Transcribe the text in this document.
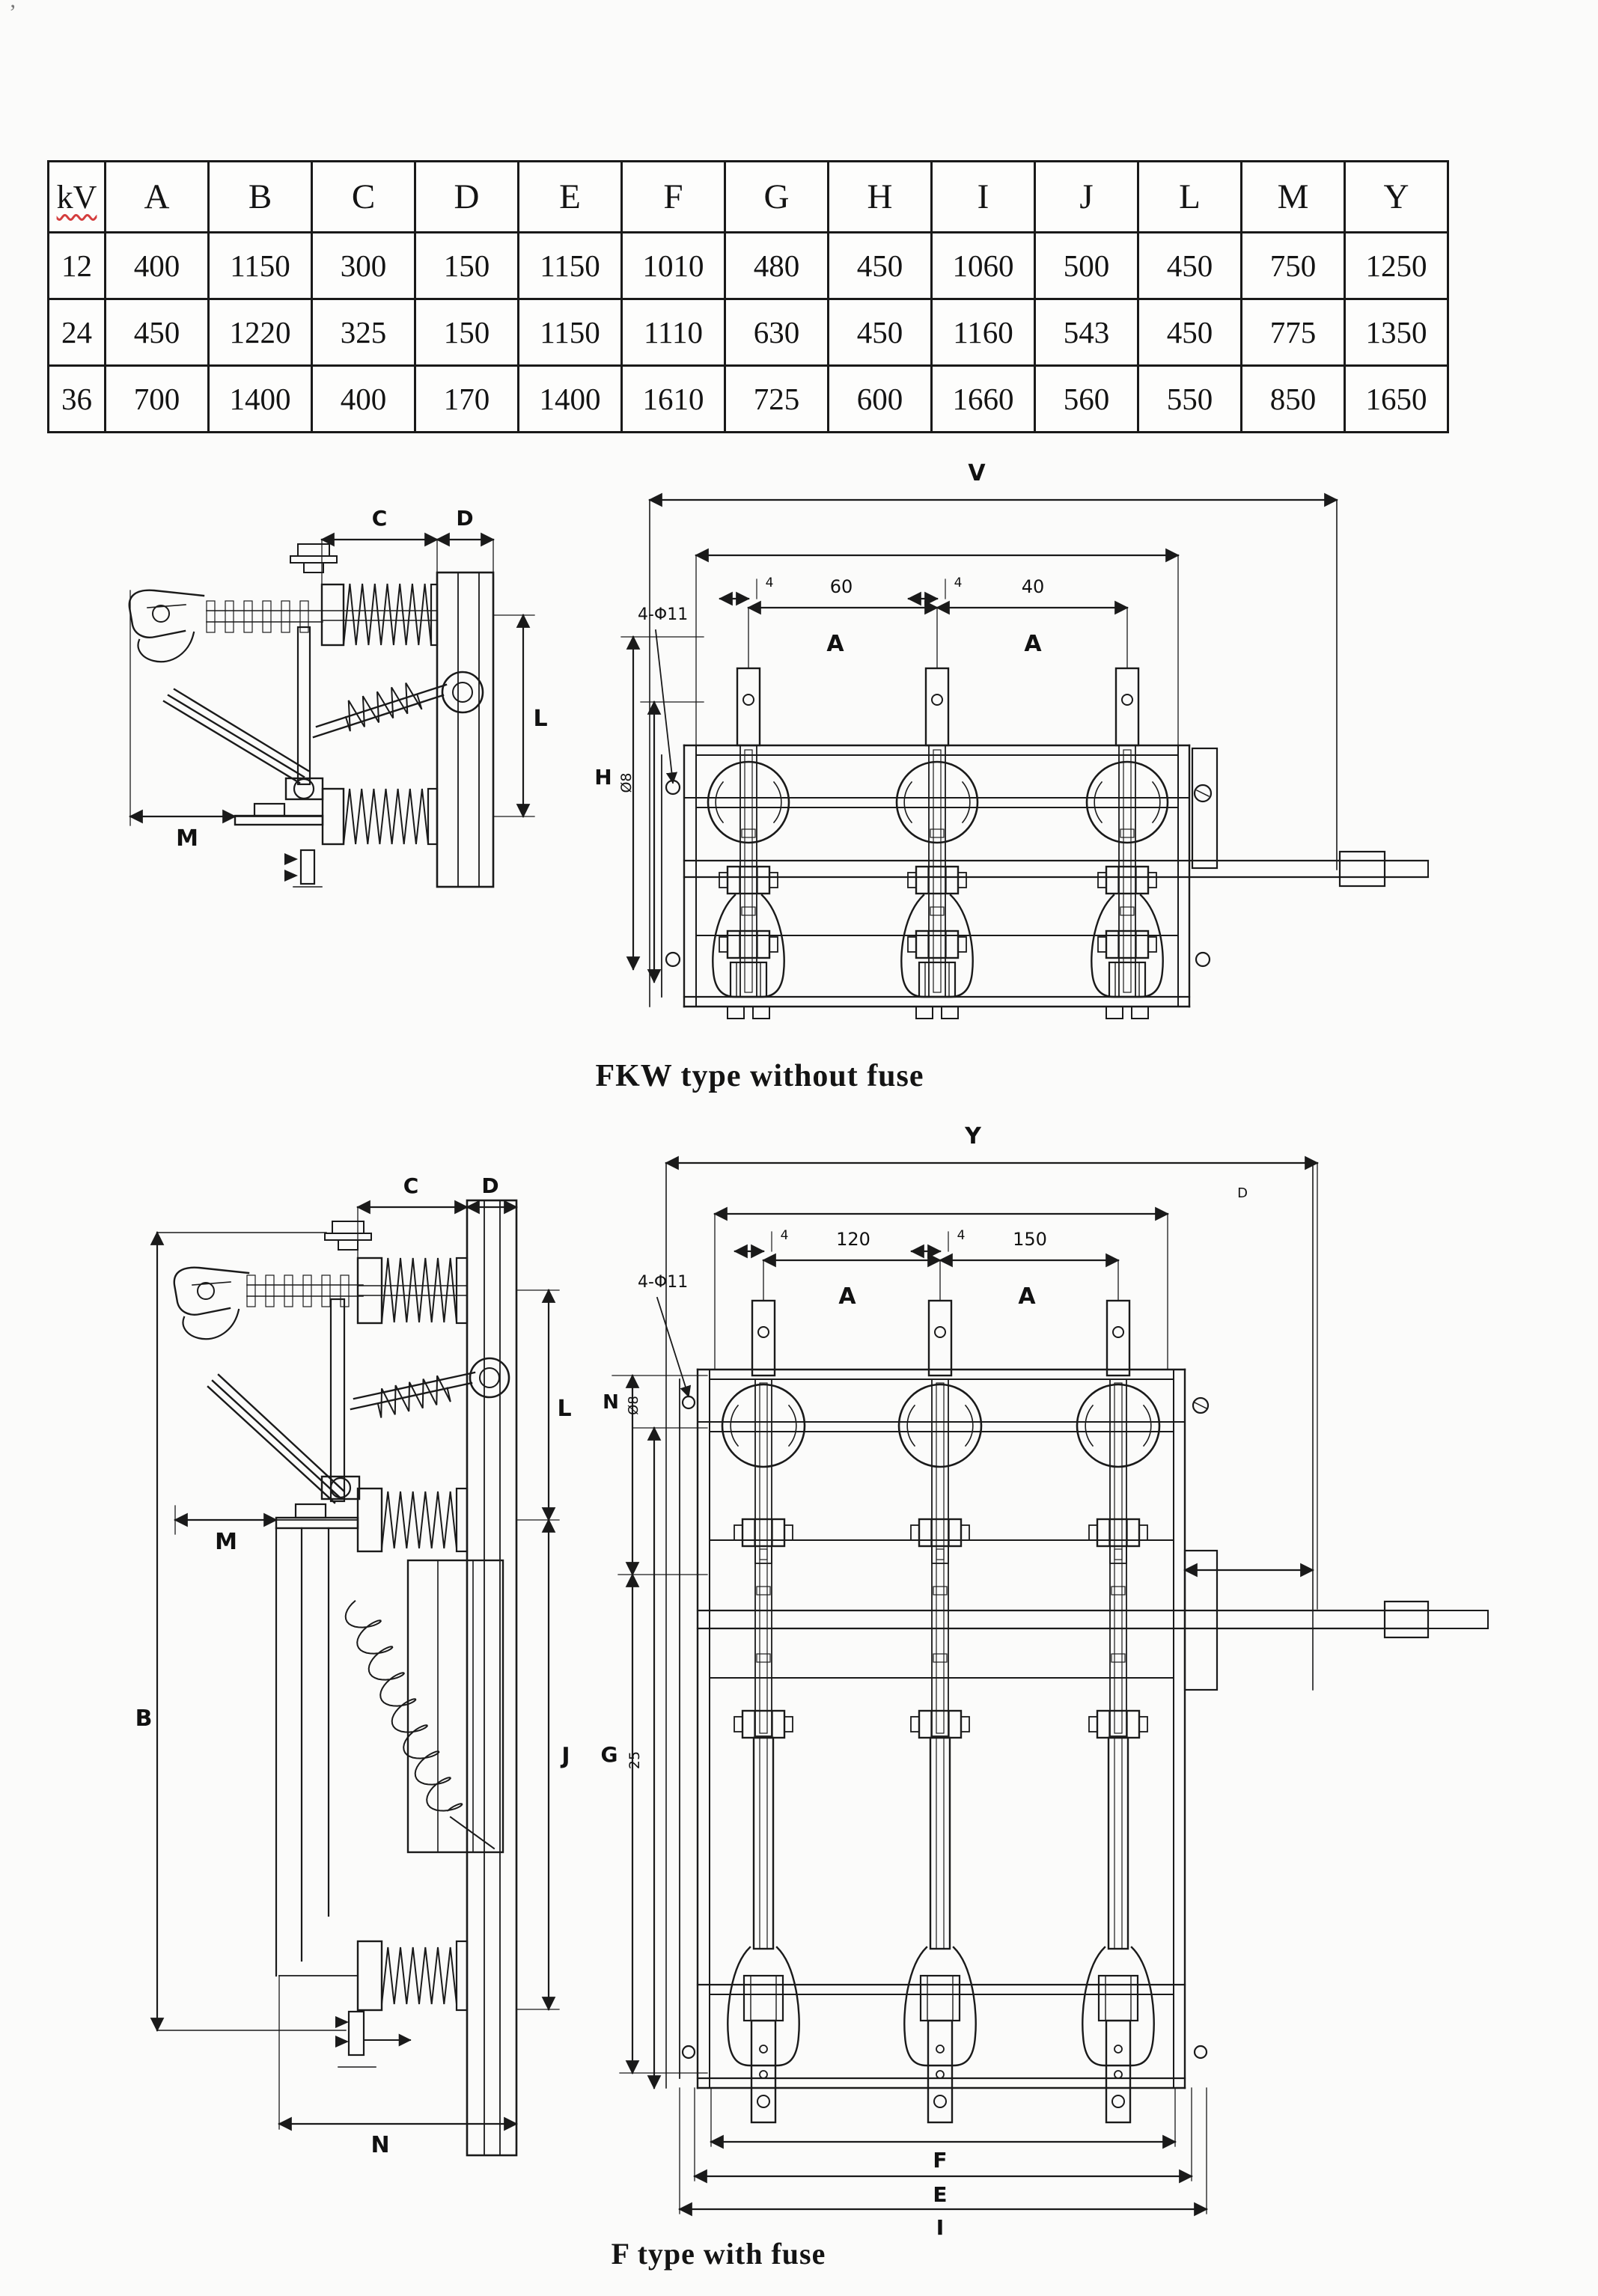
’
kV	A	B	C	D	E	F	G	H	I	J	L	M	Y
12	400	1150	300	150	1150	1010	480	450	1060	500	450	750	1250
24	450	1220	325	150	1150	1110	630	450	1160	543	450	775	1350
36	700	1400	400	170	1400	1610	725	600	1660	560	550	850	1650
C	D
M
L
V
60	40
A	A
4	4
4-Φ11
H Ø8
FKW type without fuse
C	D
B
M
L
J
N
D
Y
120	150
A	A
4	4
4-Φ11
N Ø8
G 25
F
E
I
F type with fuse
